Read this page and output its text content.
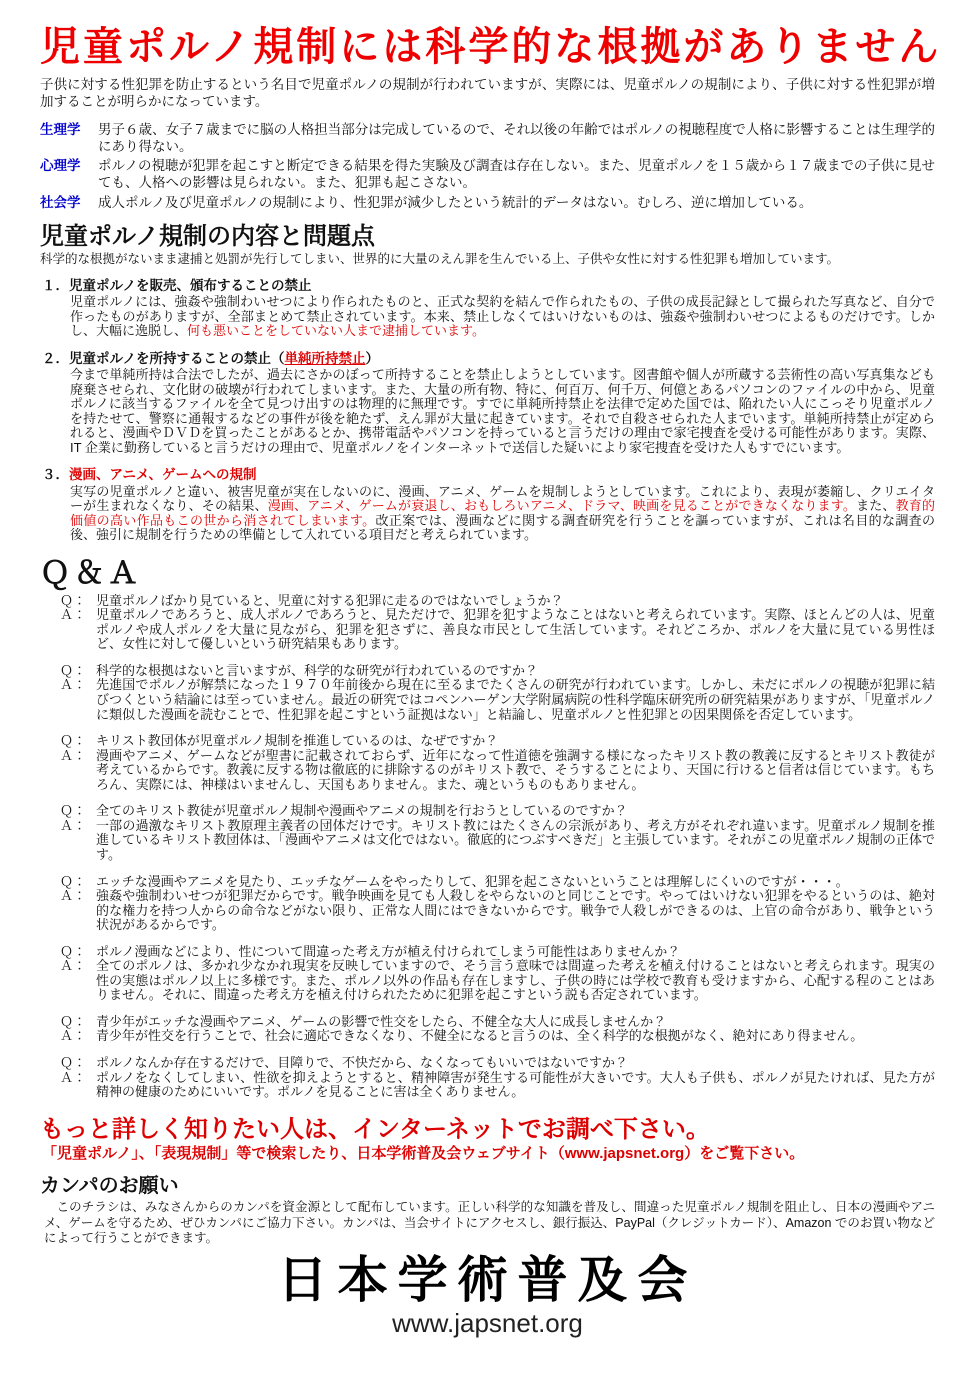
児童ポルノ規制には科学的な根拠がありません

子供に対する性犯罪を防止するという名目で児童ポルノの規制が行われていますが、実際には、児童ポルノの規制により、子供に対する性犯罪が増加することが明らかになっています。

生理学	男子６歳、女子７歳までに脳の人格担当部分は完成しているので、それ以後の年齢ではポルノの視聴程度で人格に影響することは生理学的にあり得ない。
心理学	ポルノの視聴が犯罪を起こすと断定できる結果を得た実験及び調査は存在しない。また、児童ポルノを１５歳から１７歳までの子供に見せても、人格への影響は見られない。また、犯罪も起こさない。
社会学	成人ポルノ及び児童ポルノの規制により、性犯罪が減少したという統計的データはない。むしろ、逆に増加している。
児童ポルノ規制の内容と問題点

科学的な根拠がないまま逮捕と処罰が先行してしまい、世界的に大量のえん罪を生んでいる上、子供や女性に対する性犯罪も増加しています。

１．児童ポルノを販売、頒布することの禁止

児童ポルノには、強姦や強制わいせつにより作られたものと、正式な契約を結んで作られたもの、子供の成長記録として撮られた写真など、自分で作ったものがありますが、全部まとめて禁止されています。本来、禁止しなくてはいけないものは、強姦や強制わいせつによるものだけです。しかし、大幅に逸脱し、何も悪いことをしていない人まで逮捕しています。

２．児童ポルノを所持することの禁止（単純所持禁止）

今まで単純所持は合法でしたが、過去にさかのぼって所持することを禁止しようとしています。図書館や個人が所蔵する芸術性の高い写真集なども廃棄させられ、文化財の破壊が行われてしまいます。また、大量の所有物、特に、何百万、何千万、何億とあるパソコンのファイルの中から、児童ポルノに該当するファイルを全て見つけ出すのは物理的に無理です。すでに単純所持禁止を法律で定めた国では、陥れたい人にこっそり児童ポルノを持たせて、警察に通報するなどの事件が後を絶たず、えん罪が大量に起きています。それで自殺させられた人までいます。単純所持禁止が定められると、漫画やＤＶＤを買ったことがあるとか、携帯電話やパソコンを持っていると言うだけの理由で家宅捜査を受ける可能性があります。実際、IT 企業に勤務していると言うだけの理由で、児童ポルノをインターネットで送信した疑いにより家宅捜査を受けた人もすでにいます。

３．漫画、アニメ、ゲームへの規制

実写の児童ポルノと違い、被害児童が実在しないのに、漫画、アニメ、ゲームを規制しようとしています。これにより、表現が萎縮し、クリエイターが生まれなくなり、その結果、漫画、アニメ、ゲームが衰退し、おもしろいアニメ、ドラマ、映画を見ることができなくなります。また、教育的価値の高い作品もこの世から消されてしまいます。改正案では、漫画などに関する調査研究を行うことを謳っていますが、これは名目的な調査の後、強引に規制を行うための準備として入れている項目だと考えられています。

Ｑ＆Ａ
Ｑ： 児童ポルノばかり見ていると、児童に対する犯罪に走るのではないでしょうか？
Ａ： 児童ポルノであろうと、成人ポルノであろうと、見ただけで、犯罪を犯すようなことはないと考えられています。実際、ほとんどの人は、児童ポルノや成人ポルノを大量に見ながら、犯罪を犯さずに、善良な市民として生活しています。それどころか、ポルノを大量に見ている男性ほど、女性に対して優しいという研究結果もあります。
Ｑ： 科学的な根拠はないと言いますが、科学的な研究が行われているのですか？
Ａ： 先進国でポルノが解禁になった１９７０年前後から現在に至るまでたくさんの研究が行われています。しかし、未だにポルノの視聴が犯罪に結びつくという結論には至っていません。最近の研究ではコペンハーゲン大学附属病院の性科学臨床研究所の研究結果がありますが、「児童ポルノに類似した漫画を読むことで、性犯罪を起こすという証拠はない」と結論し、児童ポルノと性犯罪との因果関係を否定しています。
Ｑ： キリスト教団体が児童ポルノ規制を推進しているのは、なぜですか？
Ａ： 漫画やアニメ、ゲームなどが聖書に記載されておらず、近年になって性道徳を強調する様になったキリスト教の教義に反するとキリスト教徒が考えているからです。教義に反する物は徹底的に排除するのがキリスト教で、そうすることにより、天国に行けると信者は信じています。もちろん、実際には、神様はいませんし、天国もありません。また、魂というものもありません。
Ｑ： 全てのキリスト教徒が児童ポルノ規制や漫画やアニメの規制を行おうとしているのですか？
Ａ： 一部の過激なキリスト教原理主義者の団体だけです。キリスト教にはたくさんの宗派があり、考え方がそれぞれ違います。児童ポルノ規制を推進しているキリスト教団体は、「漫画やアニメは文化ではない。徹底的につぶすべきだ」と主張しています。それがこの児童ポルノ規制の正体です。
Ｑ： エッチな漫画やアニメを見たり、エッチなゲームをやったりして、犯罪を起こさないということは理解しにくいのですが・・・。
Ａ： 強姦や強制わいせつが犯罪だからです。戦争映画を見ても人殺しをやらないのと同じことです。やってはいけない犯罪をやるというのは、絶対的な権力を持つ人からの命令などがない限り、正常な人間にはできないからです。戦争で人殺しができるのは、上官の命令があり、戦争という状況があるからです。
Ｑ： ポルノ漫画などにより、性について間違った考え方が植え付けられてしまう可能性はありませんか？
Ａ： 全てのポルノは、多かれ少なかれ現実を反映していますので、そう言う意味では間違った考えを植え付けることはないと考えられます。現実の性の実態はポルノ以上に多様です。また、ポルノ以外の作品も存在しますし、子供の時には学校で教育も受けますから、心配する程のことはありません。それに、間違った考え方を植え付けられたために犯罪を起こすという説も否定されています。
Ｑ： 青少年がエッチな漫画やアニメ、ゲームの影響で性交をしたら、不健全な大人に成長しませんか？
Ａ： 青少年が性交を行うことで、社会に適応できなくなり、不健全になると言うのは、全く科学的な根拠がなく、絶対にあり得ません。
Ｑ： ポルノなんか存在するだけで、目障りで、不快だから、なくなってもいいではないですか？
Ａ： ポルノをなくしてしまい、性欲を抑えようとすると、精神障害が発生する可能性が大きいです。大人も子供も、ポルノが見たければ、見た方が精神の健康のためにいいです。ポルノを見ることに害は全くありません。
もっと詳しく知りたい人は、インターネットでお調べ下さい。

「児童ポルノ」、「表現規制」等で検索したり、日本学術普及会ウェブサイト（www.japsnet.org）をご覧下さい。

カンパのお願い

　このチラシは、みなさんからのカンパを資金源として配布しています。正しい科学的な知識を普及し、間違った児童ポルノ規制を阻止し、日本の漫画やアニメ、ゲームを守るため、ぜひカンパにご協力下さい。カンパは、当会サイトにアクセスし、銀行振込、PayPal（クレジットカード）、Amazon でのお買い物などによって行うことができます。

日本学術普及会
www.japsnet.org
